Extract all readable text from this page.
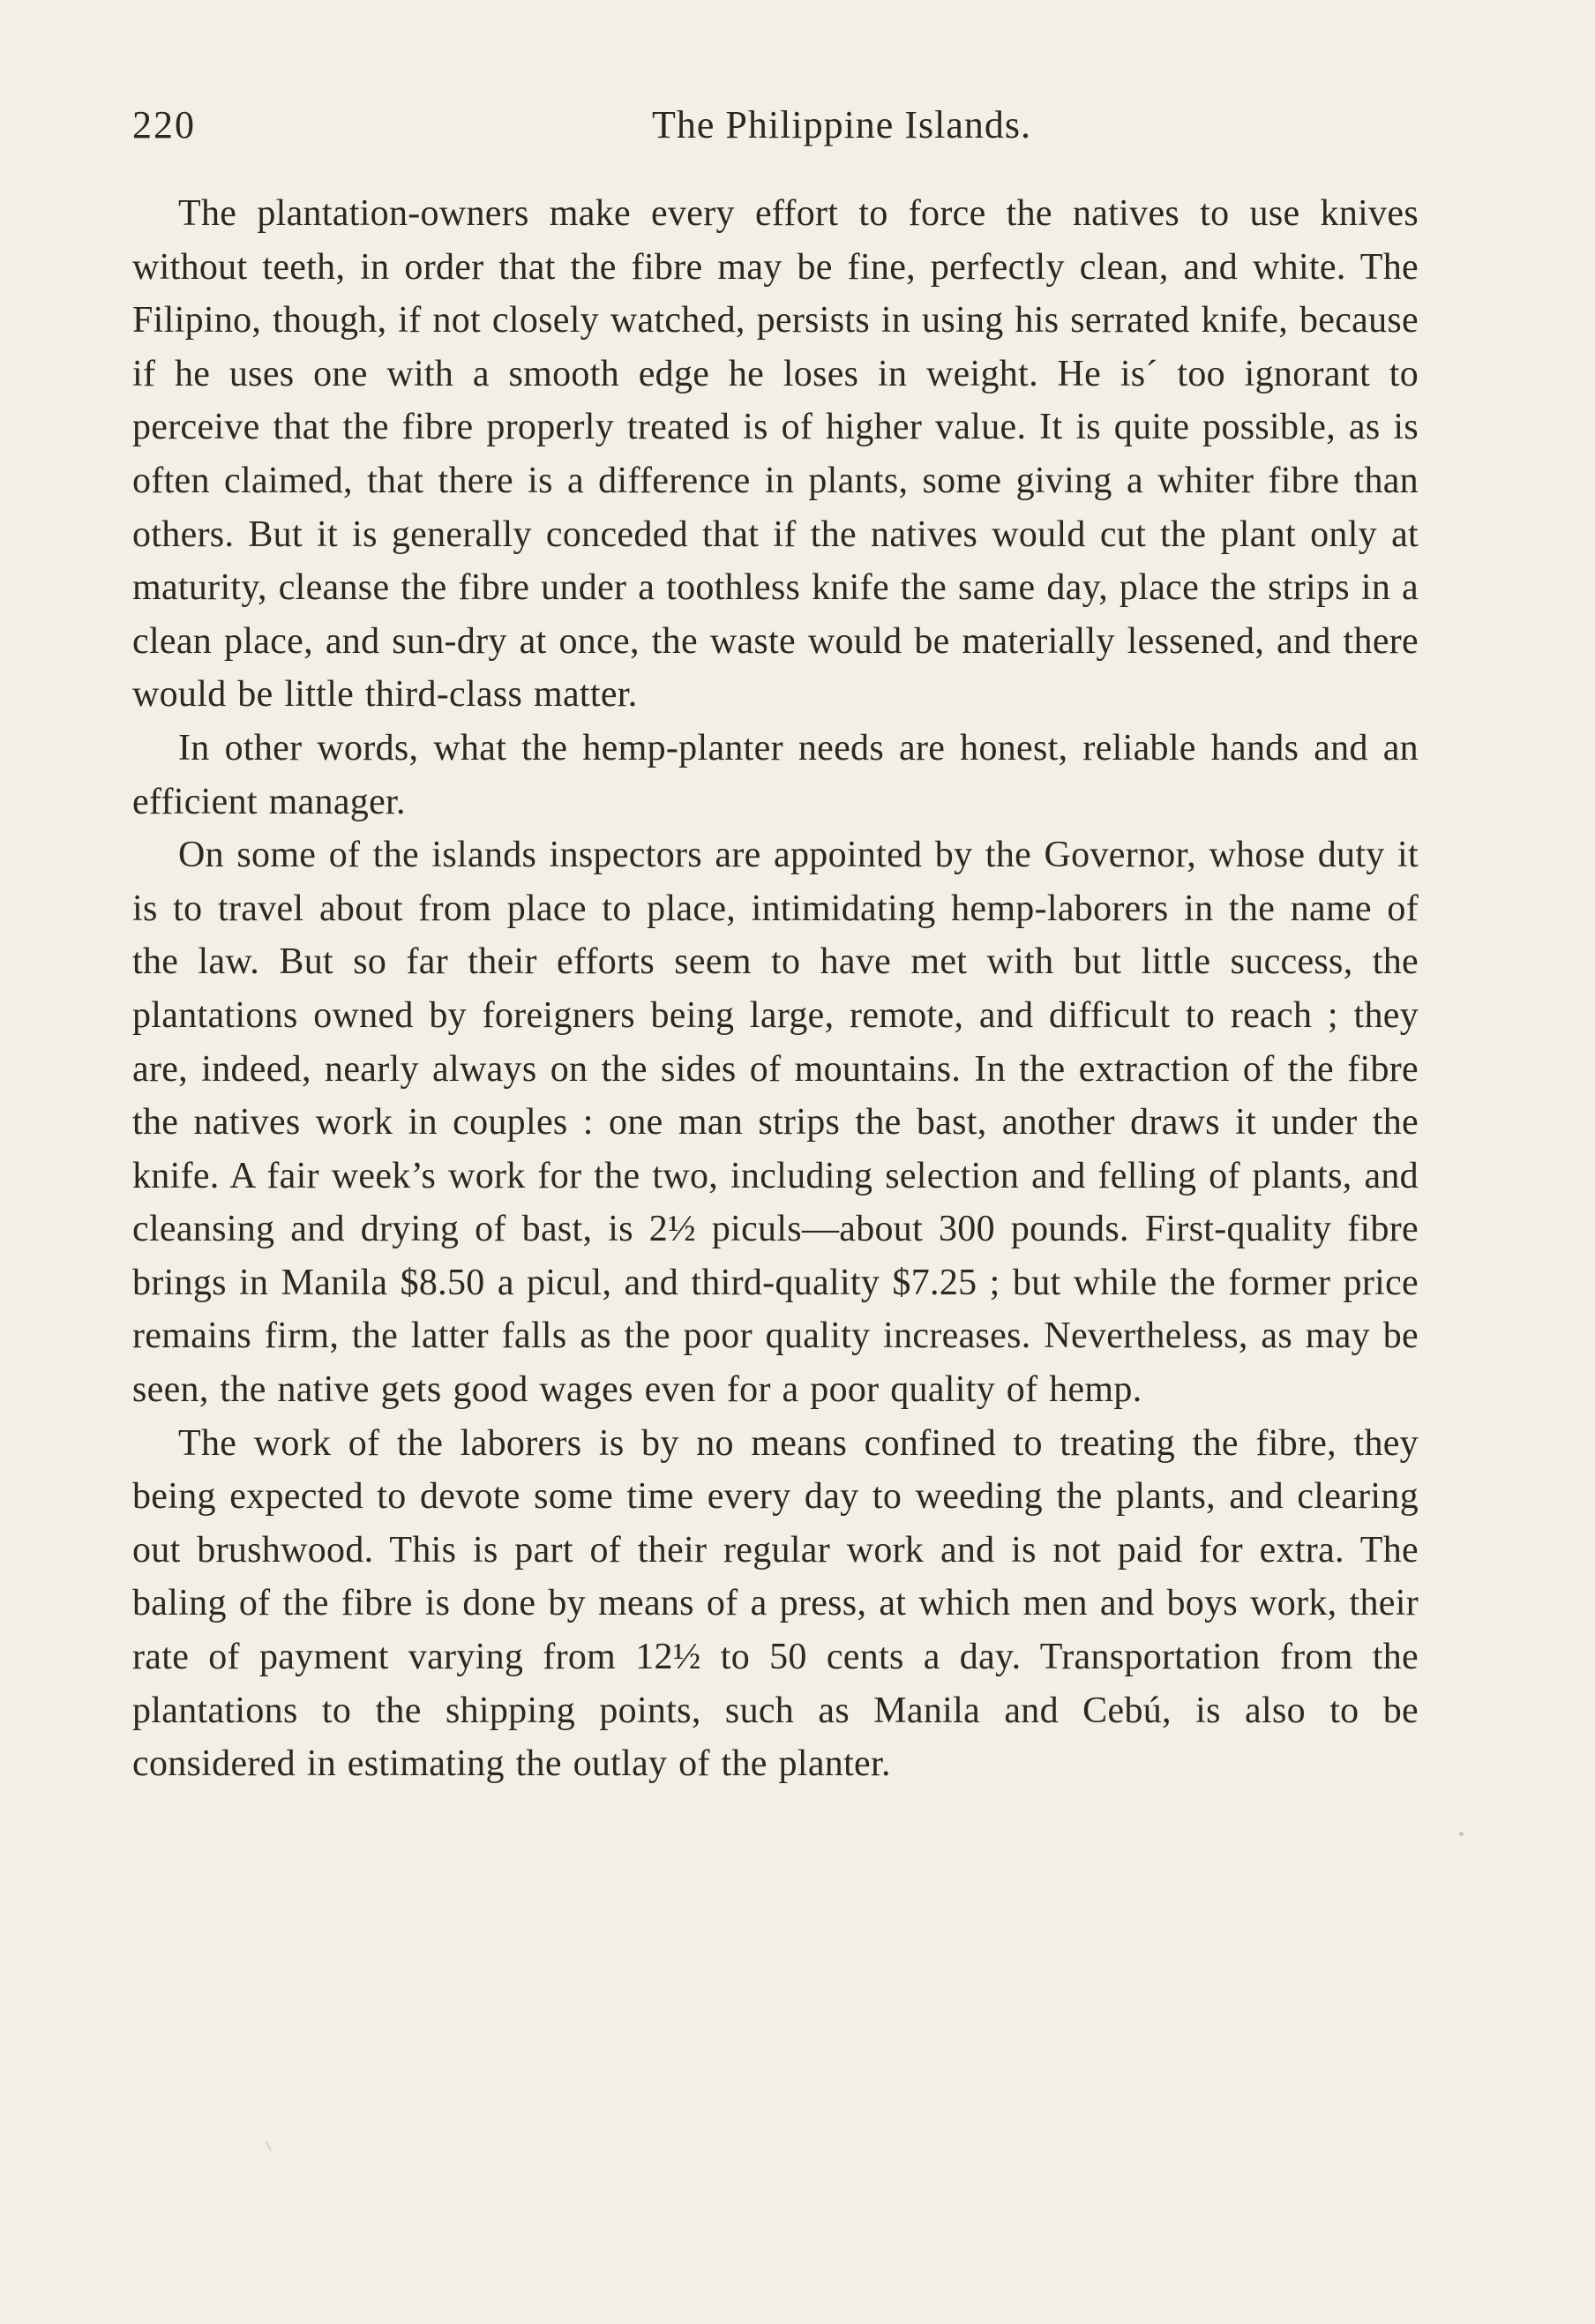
220	The Philippine Islands.

The plantation-owners make every effort to force the natives to use knives without teeth, in order that the fibre may be fine, perfectly clean, and white. The Filipino, though, if not closely watched, persists in using his serrated knife, because if he uses one with a smooth edge he loses in weight. He is´ too ignorant to perceive that the fibre properly treated is of higher value. It is quite possible, as is often claimed, that there is a difference in plants, some giving a whiter fibre than others. But it is generally conceded that if the natives would cut the plant only at maturity, cleanse the fibre under a toothless knife the same day, place the strips in a clean place, and sun-dry at once, the waste would be materially lessened, and there would be little third-class matter.

In other words, what the hemp-planter needs are honest, reliable hands and an efficient manager.

On some of the islands inspectors are appointed by the Governor, whose duty it is to travel about from place to place, intimidating hemp-laborers in the name of the law. But so far their efforts seem to have met with but little success, the plantations owned by foreigners being large, remote, and difficult to reach ; they are, indeed, nearly always on the sides of mountains. In the extraction of the fibre the natives work in couples : one man strips the bast, another draws it under the knife. A fair week’s work for the two, including selection and felling of plants, and cleansing and drying of bast, is 2½ piculs—about 300 pounds. First-quality fibre brings in Manila $8.50 a picul, and third-quality $7.25 ; but while the former price remains firm, the latter falls as the poor quality increases. Nevertheless, as may be seen, the native gets good wages even for a poor quality of hemp.

The work of the laborers is by no means confined to treating the fibre, they being expected to devote some time every day to weeding the plants, and clearing out brushwood. This is part of their regular work and is not paid for extra. The baling of the fibre is done by means of a press, at which men and boys work, their rate of payment varying from 12½ to 50 cents a day. Transportation from the plantations to the shipping points, such as Manila and Cebú, is also to be considered in estimating the outlay of the planter.
